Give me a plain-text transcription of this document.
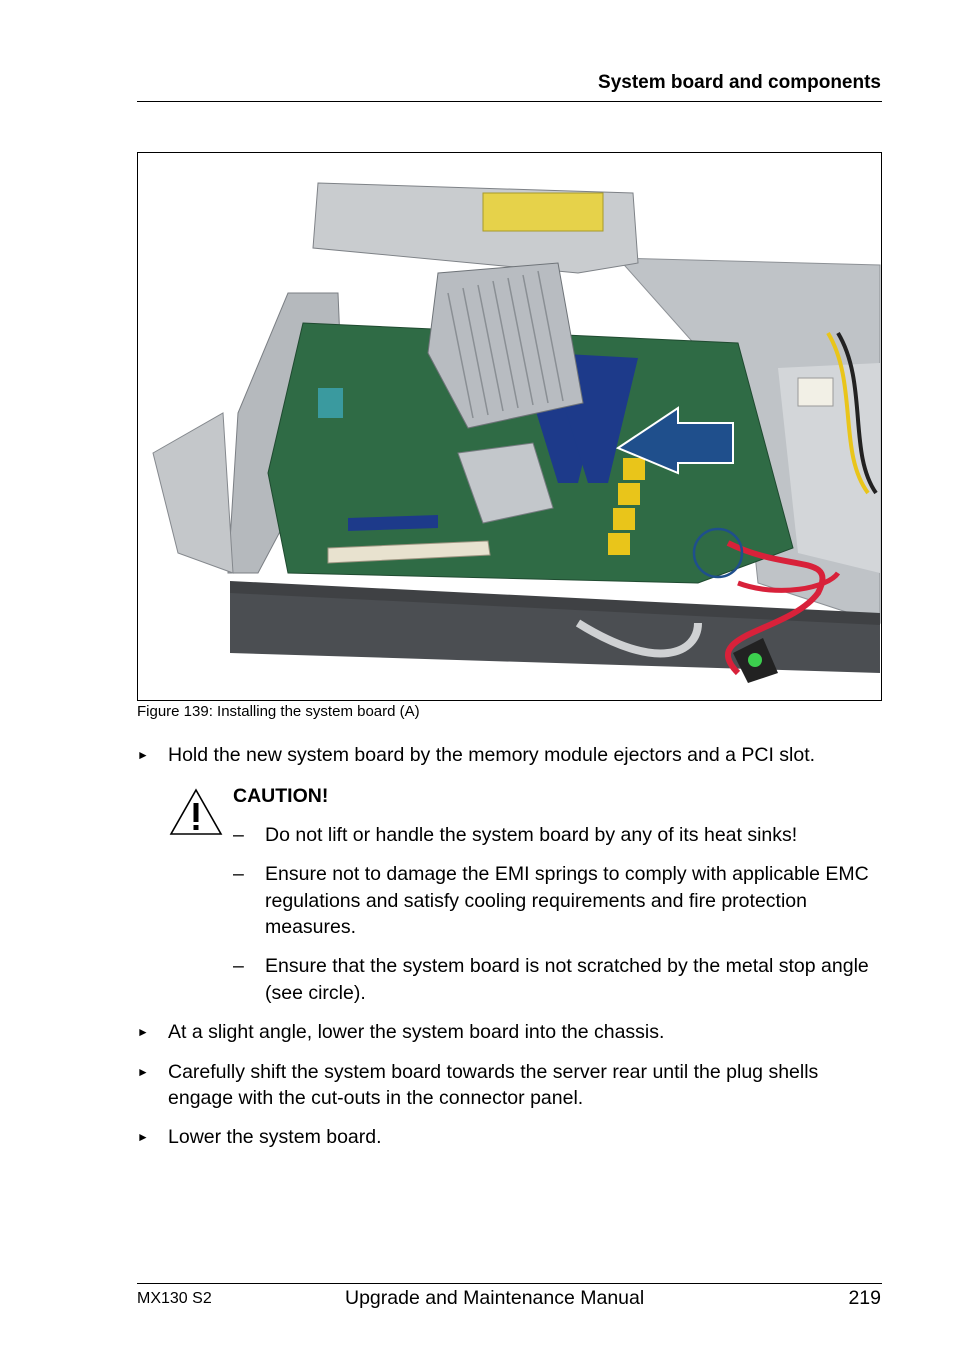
System board and components
Figure 139: Installing the system board (A)
► Hold the new system board by the memory module ejectors and a PCI slot.
CAUTION!
– Do not lift or handle the system board by any of its heat sinks!
– Ensure not to damage the EMI springs to comply with applicable EMC regulations and satisfy cooling requirements and fire protection measures.
– Ensure that the system board is not scratched by the metal stop angle (see circle).
► At a slight angle, lower the system board into the chassis.
► Carefully shift the system board towards the server rear until the plug shells engage with the cut-outs in the connector panel.
► Lower the system board.
MX130 S2	Upgrade and Maintenance Manual	219
